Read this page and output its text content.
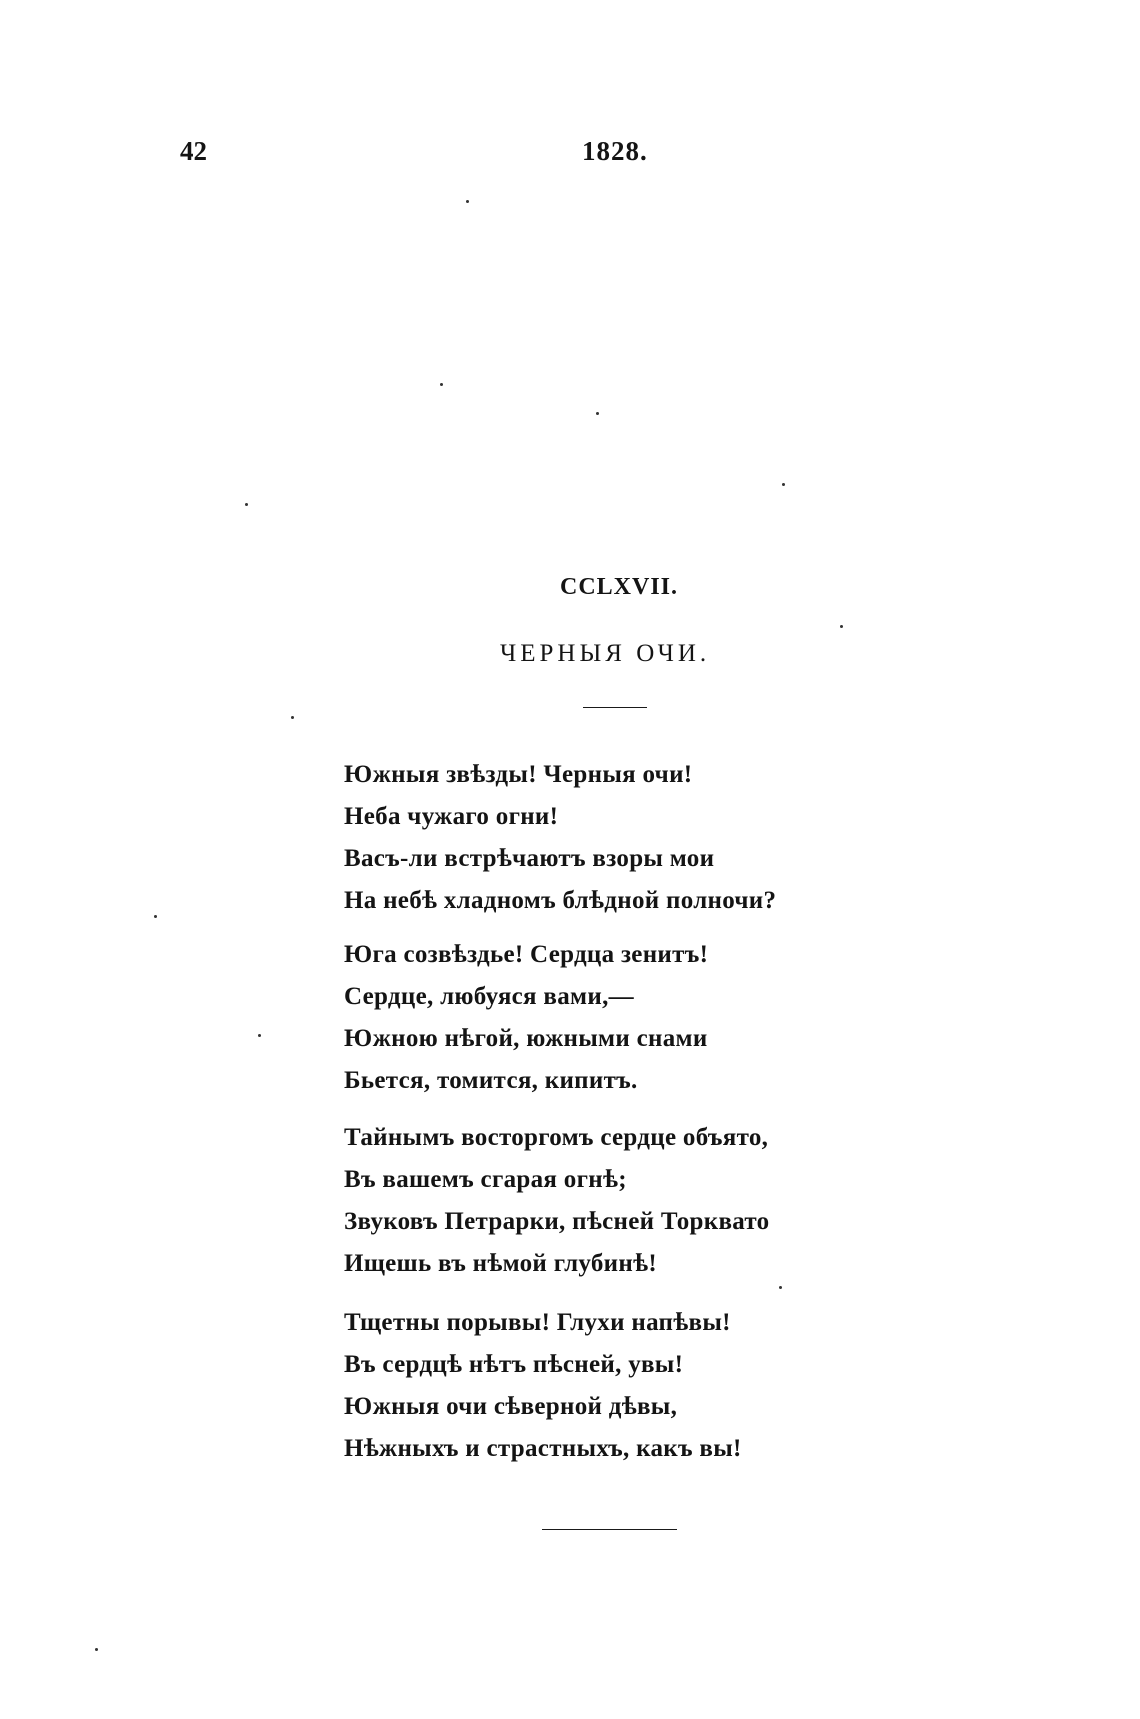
42	1828.
CCLXVII.
ЧЕРНЫЯ ОЧИ.
Южныя звѣзды! Черныя очи!
Неба чужаго огни!
Васъ-ли встрѣчаютъ взоры мои
На небѣ хладномъ блѣдной полночи?
Юга созвѣздье! Сердца зенитъ!
Сердце, любуяся вами,—
Южною нѣгой, южными снами
Бьется, томится, кипитъ.
Тайнымъ восторгомъ сердце объято,
Въ вашемъ сгарая огнѣ;
Звуковъ Петрарки, пѣсней Торквато
Ищешь въ нѣмой глубинѣ!
Тщетны порывы! Глухи напѣвы!
Въ сердцѣ нѣтъ пѣсней, увы!
Южныя очи сѣверной дѣвы,
Нѣжныхъ и страстныхъ, какъ вы!
